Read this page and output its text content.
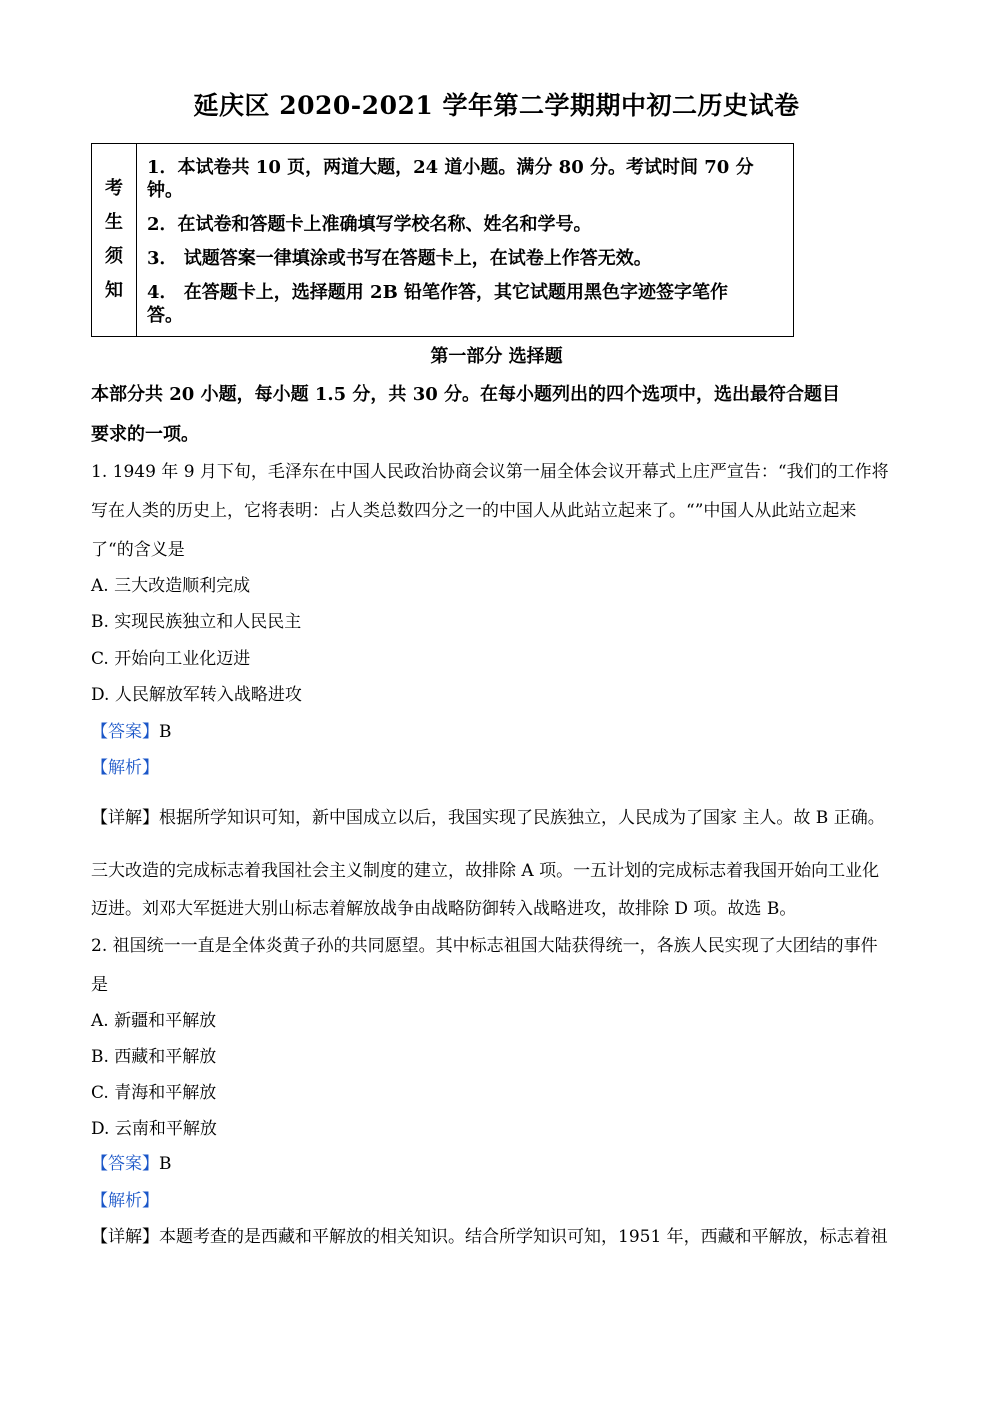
延庆区 2020-2021 学年第二学期期中初二历史试卷
考
生
须
知
1．本试卷共 10 页，两道大题，24 道小题。满分 80 分。考试时间 70 分
钟。
2．在试卷和答题卡上准确填写学校名称、姓名和学号。
3． 试题答案一律填涂或书写在答题卡上，在试卷上作答无效。
4． 在答题卡上，选择题用 2B 铅笔作答，其它试题用黑色字迹签字笔作
答。
第一部分 选择题
本部分共 20 小题，每小题 1.5 分，共 30 分。在每小题列出的四个选项中，选出最符合题目
要求的一项。
1. 1949 年 9 月下旬，毛泽东在中国人民政治协商会议第一届全体会议开幕式上庄严宣告：“我们的工作将
写在人类的历史上，它将表明：占人类总数四分之一的中国人从此站立起来了。“”中国人从此站立起来
了“的含义是
A. 三大改造顺利完成
B. 实现民族独立和人民民主
C. 开始向工业化迈进
D. 人民解放军转入战略进攻
【答案】B
【解析】
【详解】根据所学知识可知，新中国成立以后，我国实现了民族独立，人民成为了国家 主人。故 B 正确。
三大改造的完成标志着我国社会主义制度的建立，故排除 A 项。一五计划的完成标志着我国开始向工业化
迈进。刘邓大军挺进大别山标志着解放战争由战略防御转入战略进攻，故排除 D 项。故选 B。
2. 祖国统一一直是全体炎黄子孙的共同愿望。其中标志祖国大陆获得统一，各族人民实现了大团结的事件
是
A. 新疆和平解放
B. 西藏和平解放
C. 青海和平解放
D. 云南和平解放
【答案】B
【解析】
【详解】本题考查的是西藏和平解放的相关知识。结合所学知识可知，1951 年，西藏和平解放，标志着祖
